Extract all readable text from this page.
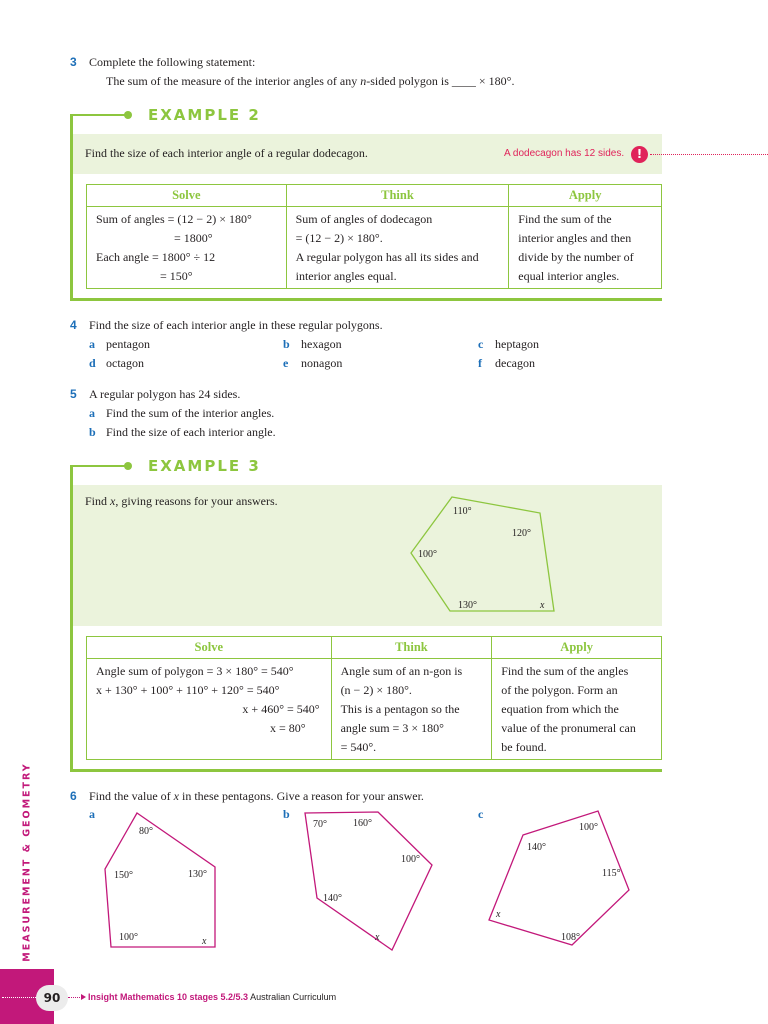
3 Complete the following statement:
The sum of the measure of the interior angles of any n-sided polygon is ____ × 180°.
EXAMPLE 2
Find the size of each interior angle of a regular dodecagon.	A dodecagon has 12 sides.	!
Solve	Think	Apply

Sum of angles = (12 − 2) × 180°
= 1800°
Each angle = 1800° ÷ 12
= 150°	Sum of angles of dodecagon
= (12 − 2) × 180°.
A regular polygon has all its sides and
interior angles equal.	Find the sum of the
interior angles and then
divide by the number of
equal interior angles.
4 Find the size of each interior angle in these regular polygons.
a pentagon	b hexagon	c heptagon
d octagon	e nonagon	f decagon
5 A regular polygon has 24 sides.
a Find the sum of the interior angles.
b Find the size of each interior angle.
EXAMPLE 3
Find x, giving reasons for your answers.
110°
120°
100°
130°	x
Solve	Think	Apply

Angle sum of polygon = 3 × 180° = 540°
x + 130° + 100° + 110° + 120° = 540°
x + 460° = 540°
x = 80°	Angle sum of an n-gon is
(n − 2) × 180°.
This is a pentagon so the
angle sum = 3 × 180°
= 540°.	Find the sum of the angles
of the polygon. Form an
equation from which the
value of the pronumeral can
be found.
6 Find the value of x in these pentagons. Give a reason for your answer.
a
80°
150°	130°
100°	x
b
70°	160°
100°
140°
x
c
100°
140°
115°
x
108°
MEASUREMENT & GEOMETRY
90	Insight Mathematics 10 stages 5.2/5.3 Australian Curriculum
